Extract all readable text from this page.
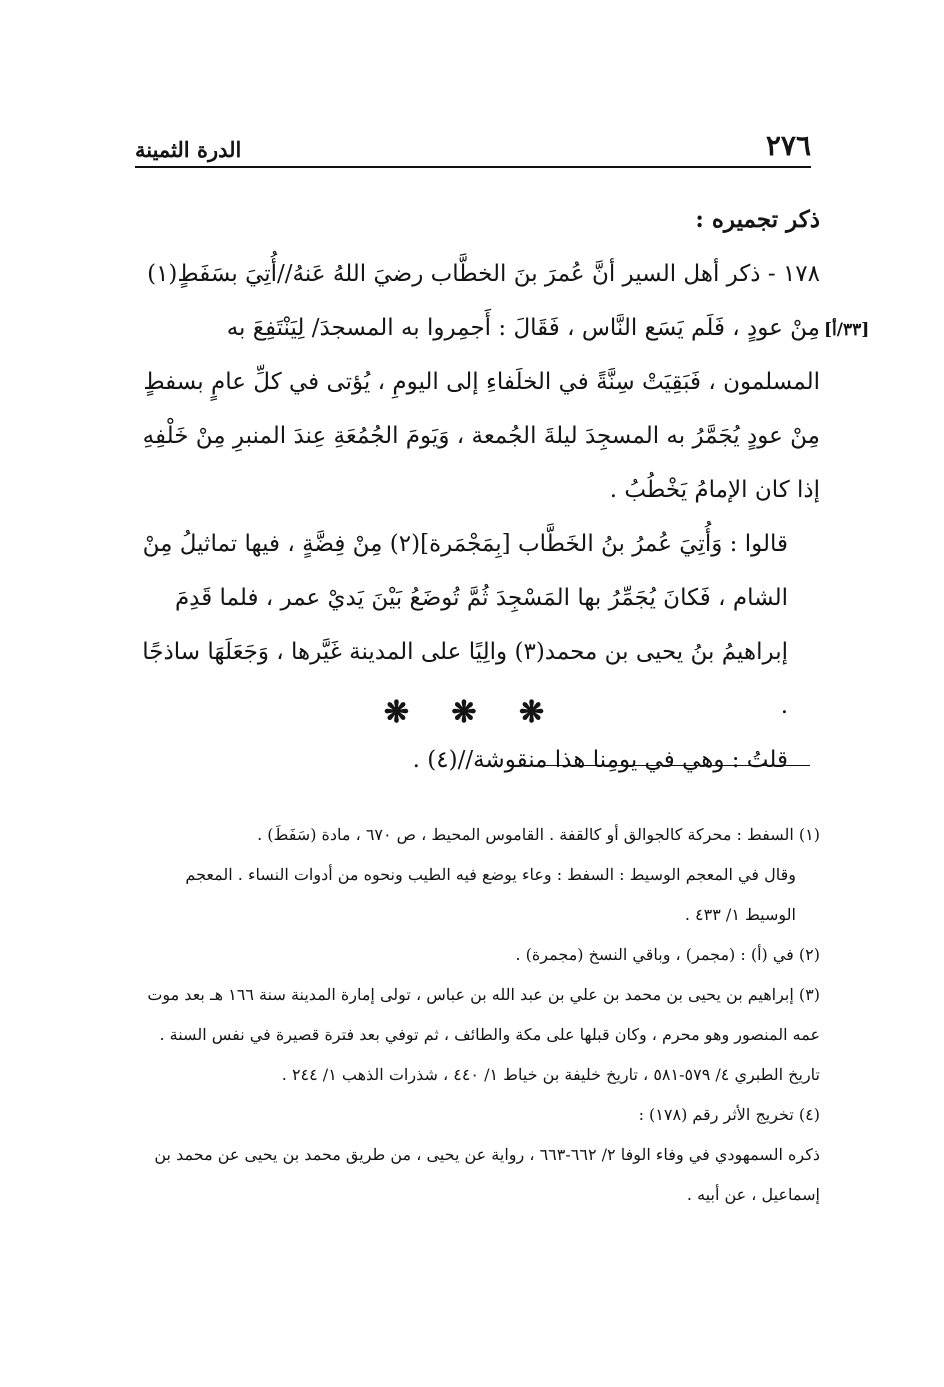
الدرة الثمينة	٢٧٦
[٣٣/أ]

ذكر تجميره :

١٧٨ - ذكر أهل السير أنَّ عُمرَ بنَ الخطَّاب رضيَ اللهُ عَنهُ//أُتِيَ بسَفَطٍ(١) مِنْ عودٍ ، فَلَم يَسَع النَّاس ، فَقَالَ : أَجمِروا به المسجدَ/ لِيَنْتَفِعَ به المسلمون ، فَبَقِيَتْ سِنَّةً في الخلَفاءِ إلى اليومِ ، يُؤتى في كلِّ عامٍ بسفطٍ مِنْ عودٍ يُجَمَّرُ به المسجِدَ ليلةَ الجُمعة ، وَيَومَ الجُمُعَةِ عِندَ المنبرِ مِنْ خَلْفِهِ إذا كان الإمامُ يَخْطُبُ .

قالوا : وَأُتِيَ عُمرُ بنُ الخَطَّاب [بِمَجْمَرة](٢) مِنْ فِضَّةٍ ، فيها تماثيلُ مِنْ الشام ، فَكانَ يُجَمِّرُ بها المَسْجِدَ ثُمَّ تُوضَعُ بَيْنَ يَديْ عمر ، فلما قَدِمَ إبراهيمُ بنُ يحيى بن محمد(٣) والِيًا على المدينة غَيَّرها ، وَجَعَلَهَا ساذجًا .

قلتُ : وهي في يومِنا هذا منقوشة//(٤) .

❋ ❋ ❋

(١) السفط : محركة كالجوالق أو كالقفة . القاموس المحيط ، ص ٦٧٠ ، مادة (سَفَطَ) .

وقال في المعجم الوسيط : السفط : وعاء يوضع فيه الطيب ونحوه من أدوات النساء . المعجم الوسيط ١/ ٤٣٣ .

(٢) في (أ) : (مجمر) ، وباقي النسخ (مجمرة) .

(٣) إبراهيم بن يحيى بن محمد بن علي بن عبد الله بن عباس ، تولى إمارة المدينة سنة ١٦٦ هـ بعد موت عمه المنصور وهو محرم ، وكان قبلها على مكة والطائف ، ثم توفي بعد فترة قصيرة في نفس السنة . تاريخ الطبري ٤/ ٥٧٩-٥٨١ ، تاريخ خليفة بن خياط ١/ ٤٤٠ ، شذرات الذهب ١/ ٢٤٤ .

(٤) تخريج الأثر رقم (١٧٨) :

ذكره السمهودي في وفاء الوفا ٢/ ٦٦٢-٦٦٣ ، رواية عن يحيى ، من طريق محمد بن يحيى عن محمد بن إسماعيل ، عن أبيه .
